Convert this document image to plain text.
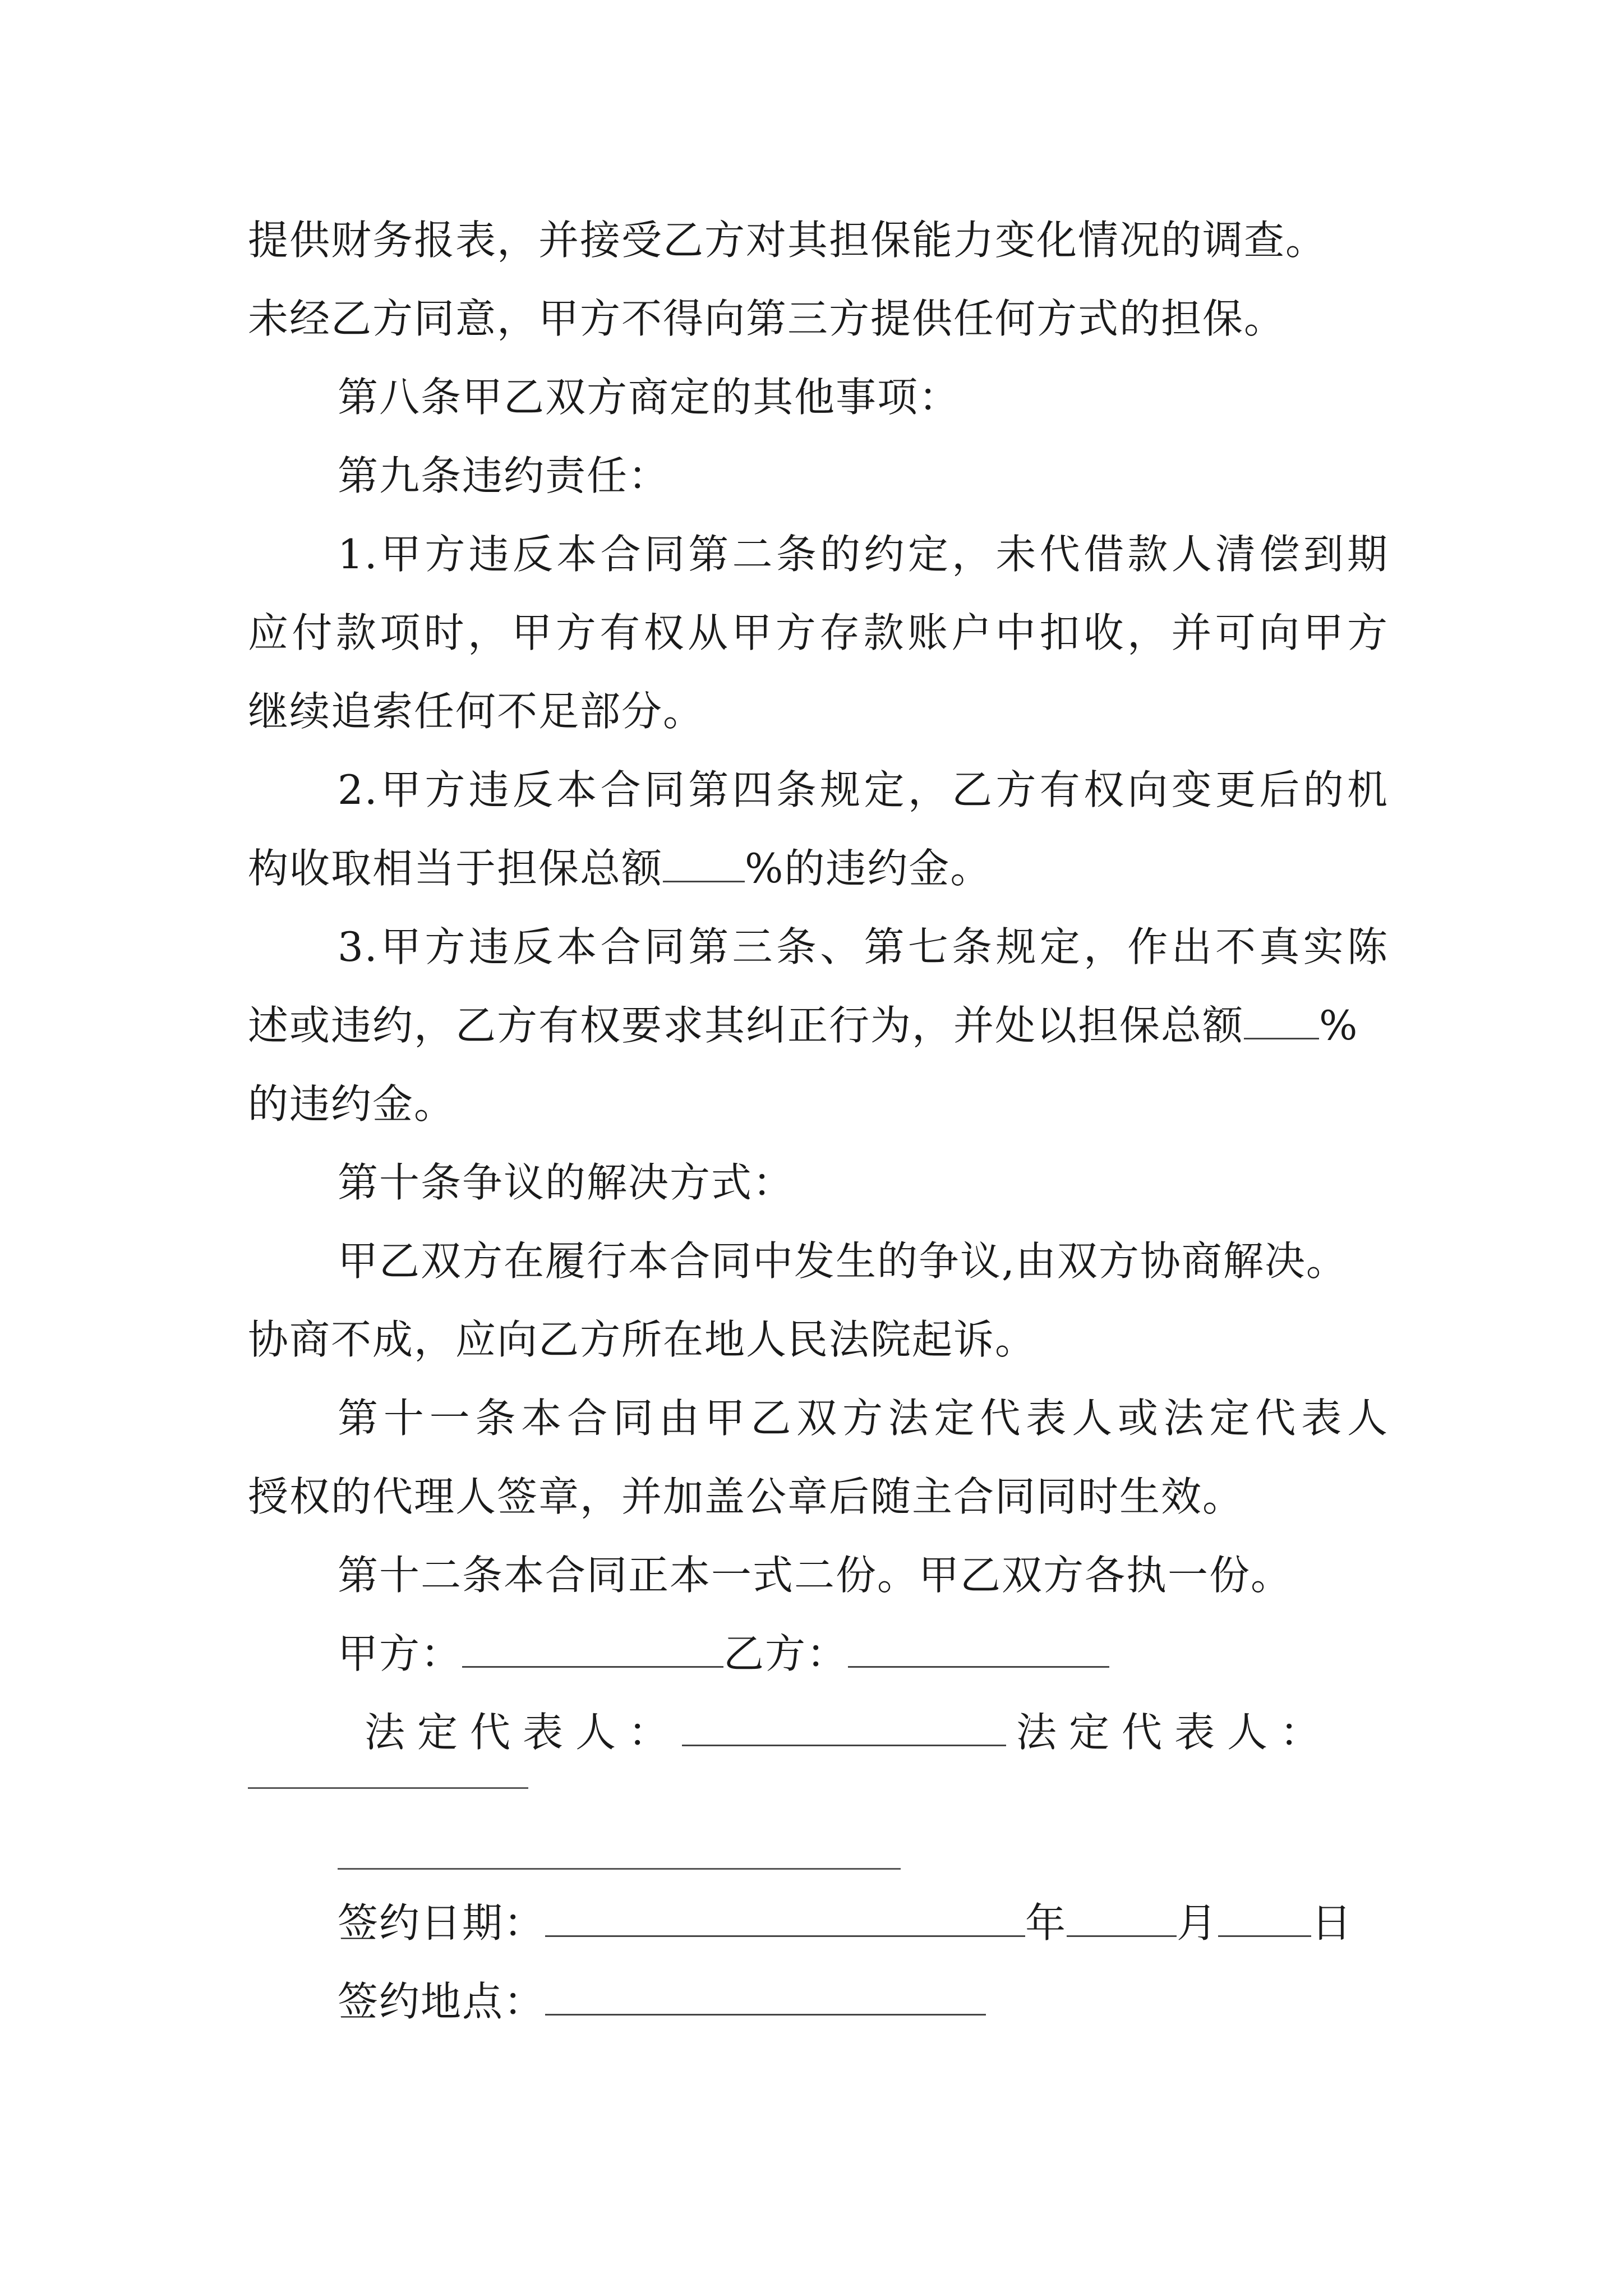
提供财务报表，并接受乙方对其担保能力变化情况的调查。
未经乙方同意，甲方不得向第三方提供任何方式的担保。
第八条甲乙双方商定的其他事项：
第九条违约责任：
1.甲方违反本合同第二条的约定，未代借款人清偿到期
应付款项时，甲方有权从甲方存款账户中扣收，并可向甲方
继续追索任何不足部分。
2.甲方违反本合同第四条规定，乙方有权向变更后的机
构收取相当于担保总额 %的违约金。
3.甲方违反本合同第三条、第七条规定，作出不真实陈
述或违约，乙方有权要求其纠正行为，并处以担保总额 %
的违约金。
第十条争议的解决方式：
甲乙双方在履行本合同中发生的争议,由双方协商解决。
协商不成，应向乙方所在地人民法院起诉。
第十一条本合同由甲乙双方法定代表人或法定代表人
授权的代理人签章，并加盖公章后随主合同同时生效。
第十二条本合同正本一式二份。甲乙双方各执一份。
甲方：	乙方：
法定代表人：	法定代表人：
签约日期：	年	月 日
签约地点：
